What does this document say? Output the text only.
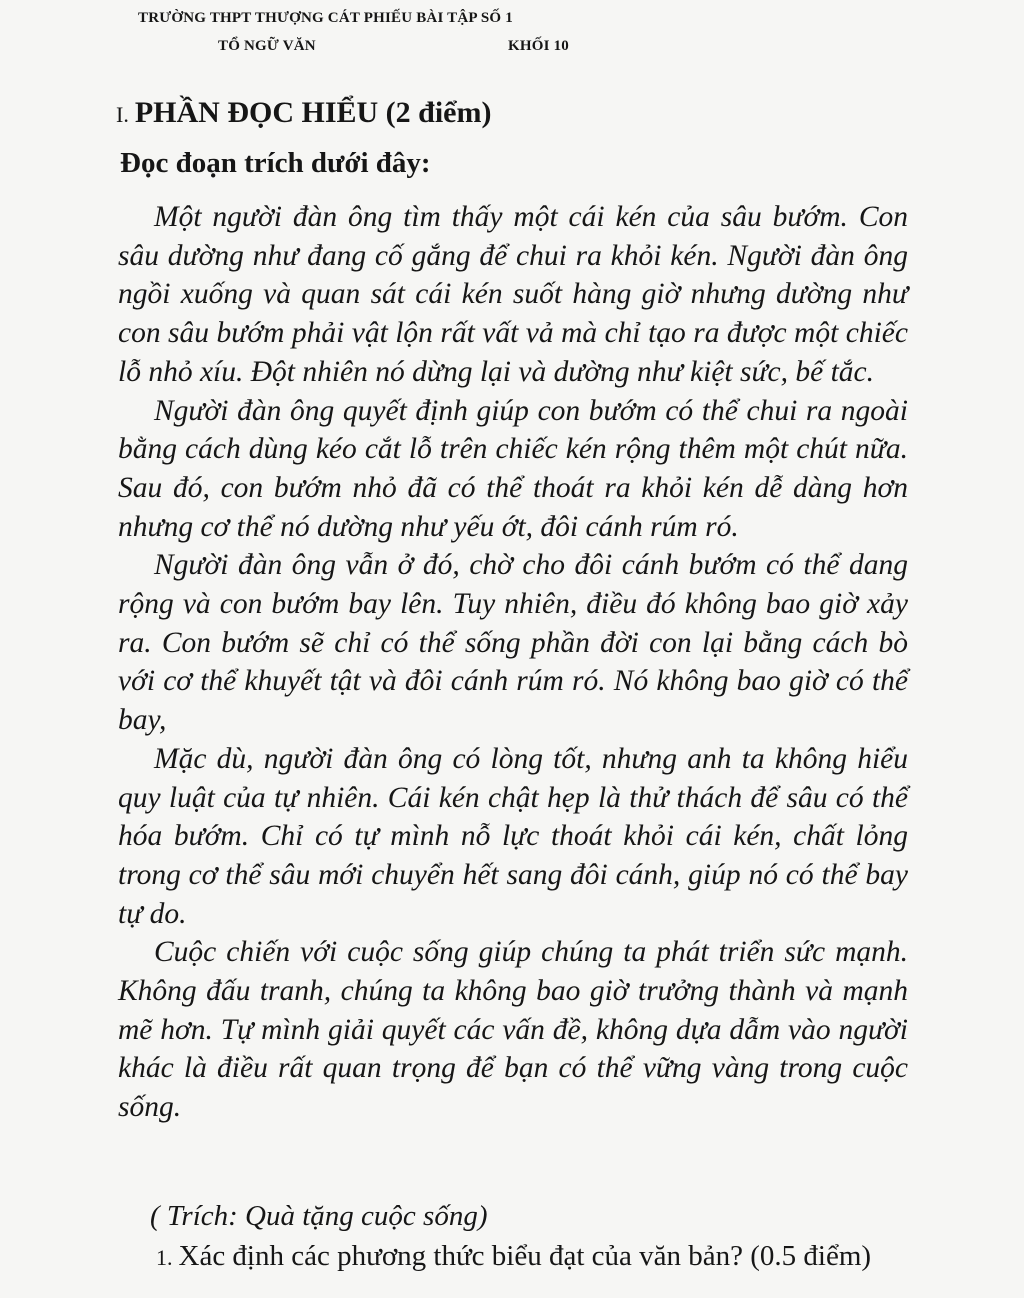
TRƯỜNG THPT THƯỢNG CÁT PHIẾU BÀI TẬP SỐ 1
TỔ NGỮ VĂN	KHỐI 10
I. PHẦN ĐỌC HIỂU (2 điểm)
Đọc đoạn trích dưới đây:

Một người đàn ông tìm thấy một cái kén của sâu bướm. Con sâu dường như đang cố gắng để chui ra khỏi kén. Người đàn ông ngồi xuống và quan sát cái kén suốt hàng giờ nhưng dường như con sâu bướm phải vật lộn rất vất vả mà chỉ tạo ra được một chiếc lỗ nhỏ xíu. Đột nhiên nó dừng lại và dường như kiệt sức, bế tắc.

Người đàn ông quyết định giúp con bướm có thể chui ra ngoài bằng cách dùng kéo cắt lỗ trên chiếc kén rộng thêm một chút nữa. Sau đó, con bướm nhỏ đã có thể thoát ra khỏi kén dễ dàng hơn nhưng cơ thể nó dường như yếu ớt, đôi cánh rúm ró.

Người đàn ông vẫn ở đó, chờ cho đôi cánh bướm có thể dang rộng và con bướm bay lên. Tuy nhiên, điều đó không bao giờ xảy ra. Con bướm sẽ chỉ có thể sống phần đời con lại bằng cách bò với cơ thể khuyết tật và đôi cánh rúm ró. Nó không bao giờ có thể bay,

Mặc dù, người đàn ông có lòng tốt, nhưng anh ta không hiểu quy luật của tự nhiên. Cái kén chật hẹp là thử thách để sâu có thể hóa bướm. Chỉ có tự mình nỗ lực thoát khỏi cái kén, chất lỏng trong cơ thể sâu mới chuyển hết sang đôi cánh, giúp nó có thể bay tự do.

Cuộc chiến với cuộc sống giúp chúng ta phát triển sức mạnh. Không đấu tranh, chúng ta không bao giờ trưởng thành và mạnh mẽ hơn. Tự mình giải quyết các vấn đề, không dựa dẫm vào người khác là điều rất quan trọng để bạn có thể vững vàng trong cuộc sống.

( Trích: Quà tặng cuộc sống)
1. Xác định các phương thức biểu đạt của văn bản? (0.5 điểm)
